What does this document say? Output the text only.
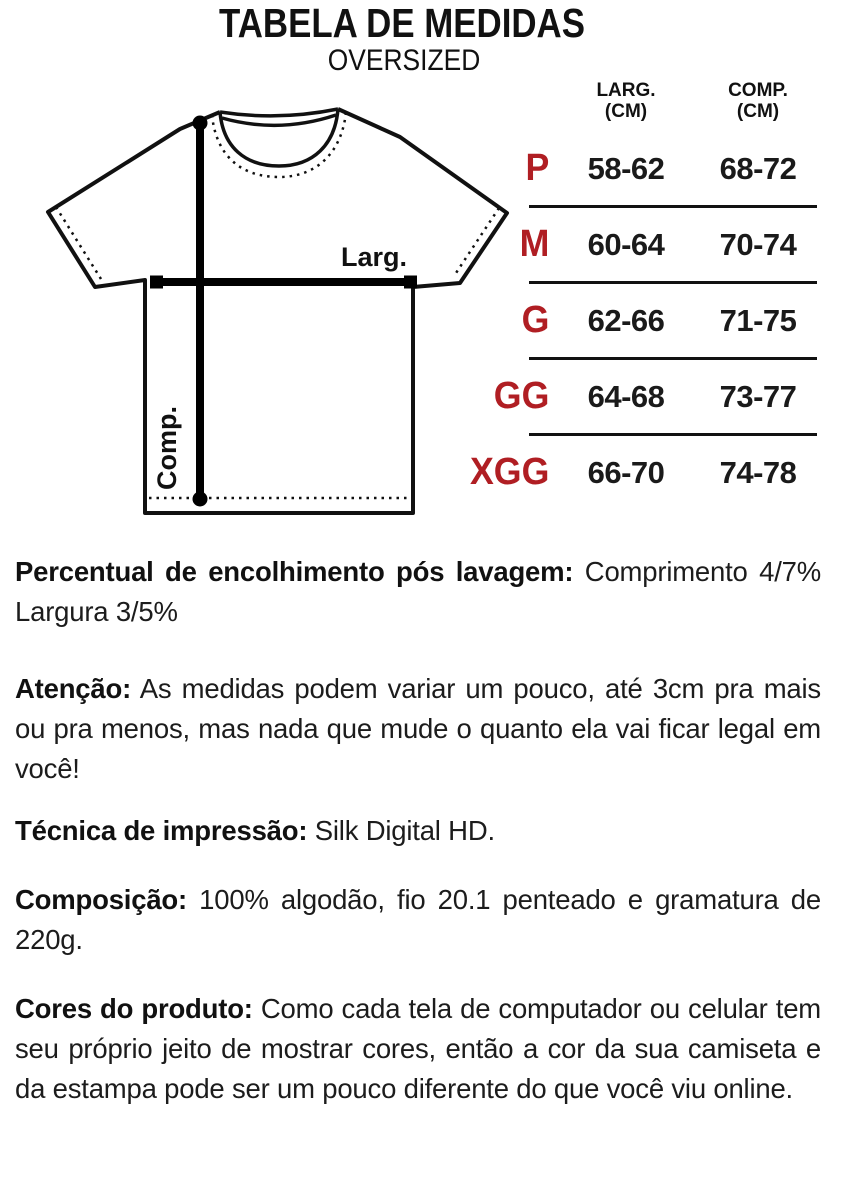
TABELA DE MEDIDAS
OVERSIZED
Larg.
Comp.
LARG.
(CM)
COMP.
(CM)
P	58-62	68-72
M	60-64	70-74
G	62-66	71-75
GG	64-68	73-77
XGG	66-70	74-78

Percentual de encolhimento pós lavagem: Comprimento 4/7% Largura 3/5%

Atenção: As medidas podem variar um pouco, até 3cm pra mais ou pra menos, mas nada que mude o quanto ela vai ficar legal em você!

Técnica de impressão: Silk Digital HD.

Composição: 100% algodão, fio 20.1 penteado e gramatura de 220g.

Cores do produto: Como cada tela de computador ou celular tem seu próprio jeito de mostrar cores, então a cor da sua camiseta e da estampa pode ser um pouco diferente do que você viu online.
